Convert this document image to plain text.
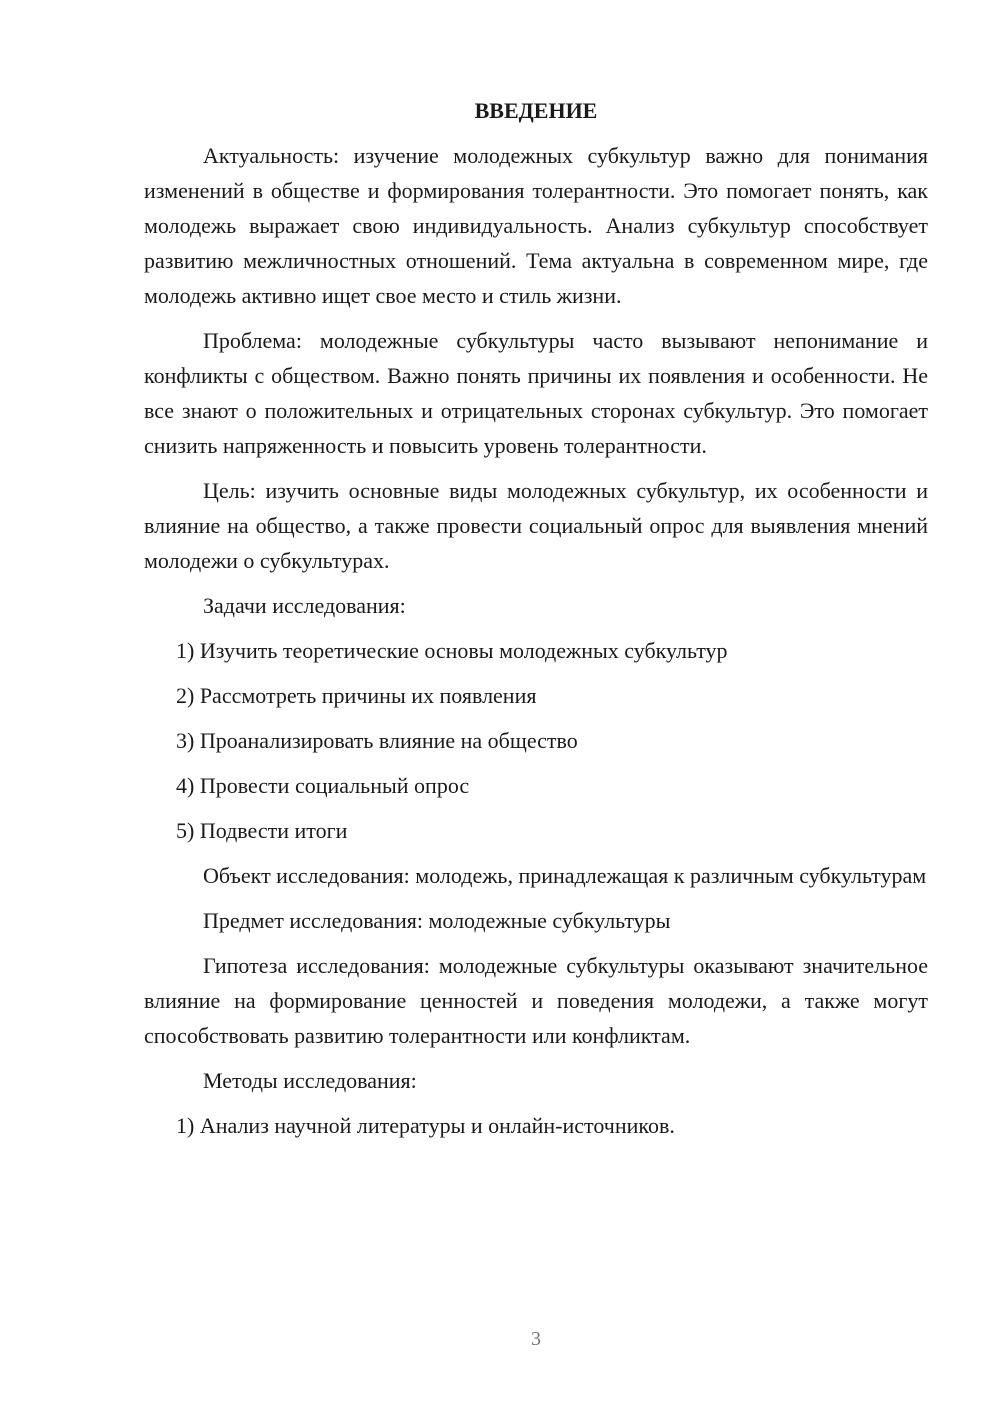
ВВЕДЕНИЕ

Актуальность: изучение молодежных субкультур важно для понимания изменений в обществе и формирования толерантности. Это помогает понять, как молодежь выражает свою индивидуальность. Анализ субкультур способствует развитию межличностных отношений. Тема актуальна в современном мире, где молодежь активно ищет свое место и стиль жизни.

Проблема: молодежные субкультуры часто вызывают непонимание и конфликты с обществом. Важно понять причины их появления и особенности. Не все знают о положительных и отрицательных сторонах субкультур. Это помогает снизить напряженность и повысить уровень толерантности.

Цель: изучить основные виды молодежных субкультур, их особенности и влияние на общество, а также провести социальный опрос для выявления мнений молодежи о субкультурах.

Задачи исследования:

1) Изучить теоретические основы молодежных субкультур
2) Рассмотреть причины их появления
3) Проанализировать влияние на общество
4) Провести социальный опрос
5) Подвести итоги

Объект исследования: молодежь, принадлежащая к различным субкультурам

Предмет исследования: молодежные субкультуры

Гипотеза исследования: молодежные субкультуры оказывают значительное влияние на формирование ценностей и поведения молодежи, а также могут способствовать развитию толерантности или конфликтам.

Методы исследования:

1) Анализ научной литературы и онлайн-источников.
3
